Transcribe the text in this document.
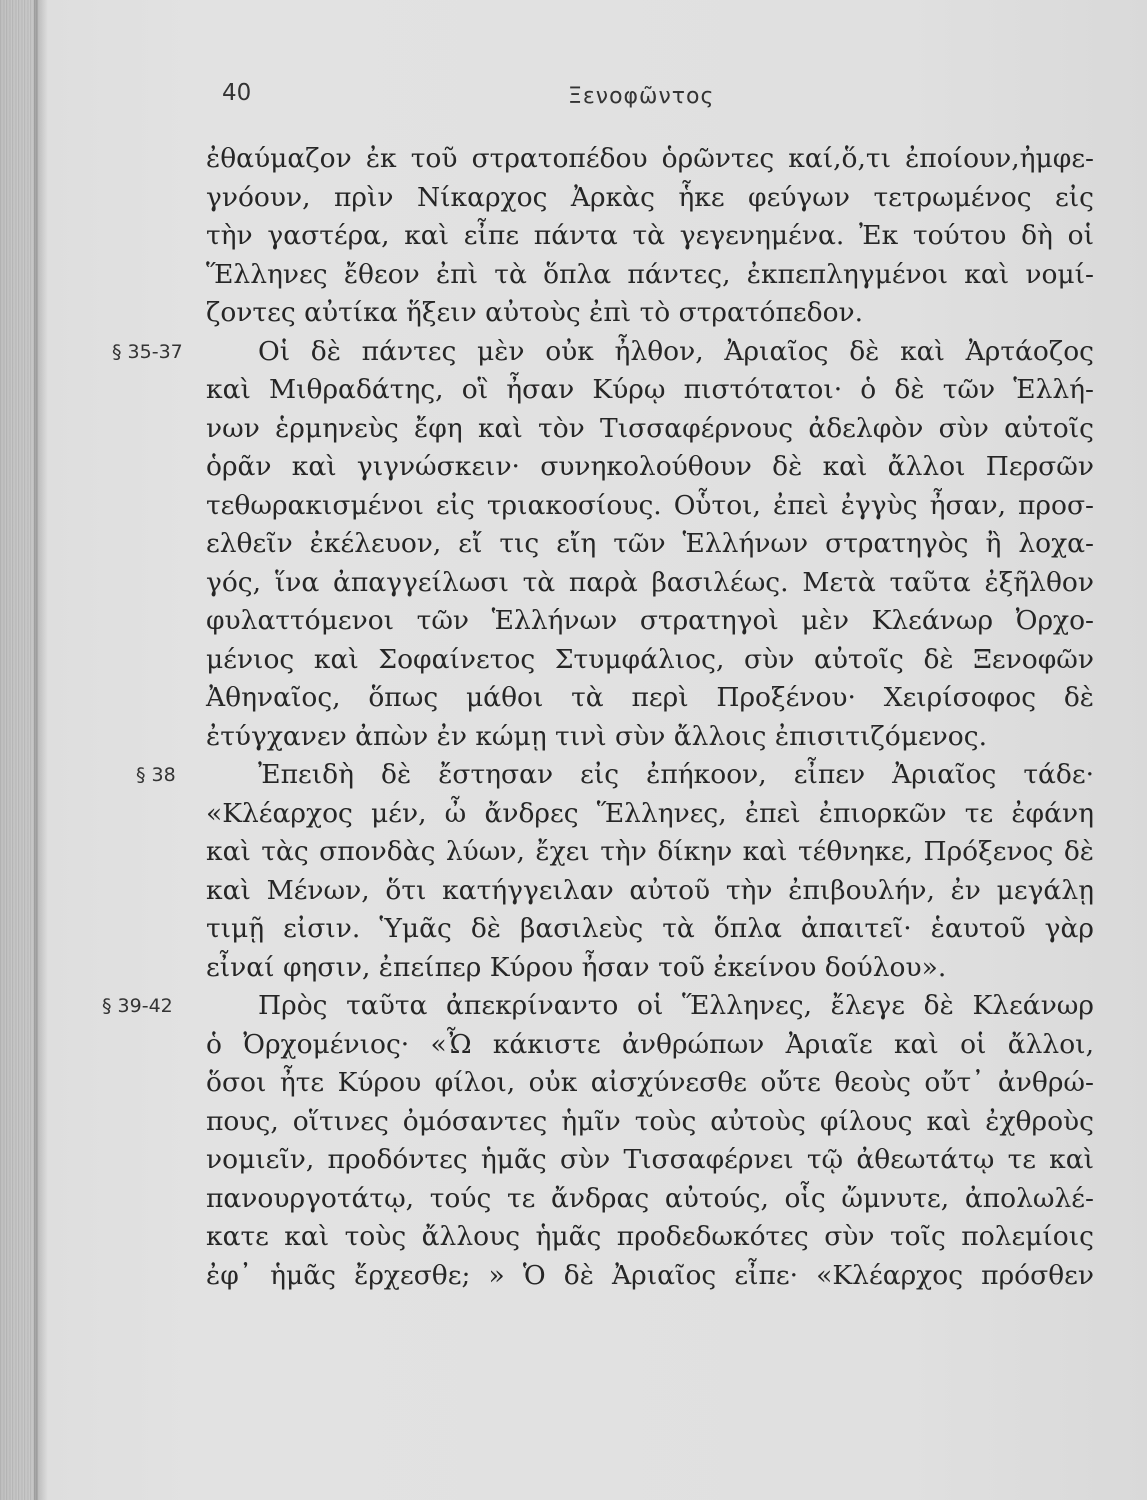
40	Ξενοφῶντος
ἐθαύμαζον ἐκ τοῦ στρατοπέδου ὁρῶντες καί,ὅ,τι ἐποίουν,ἠμφε-
γνόουν, πρὶν Νίκαρχος Ἀρκὰς ἧκε φεύγων τετρωμένος εἰς
τὴν γαστέρα, καὶ εἶπε πάντα τὰ γεγενημένα. Ἐκ τούτου δὴ οἱ
Ἕλληνες ἔθεον ἐπὶ τὰ ὅπλα πάντες, ἐκπεπληγμένοι καὶ νομί-
ζοντες αὐτίκα ἥξειν αὐτοὺς ἐπὶ τὸ στρατόπεδον.
§ 35-37	Οἱ δὲ πάντες μὲν οὐκ ἦλθον, Ἀριαῖος δὲ καὶ Ἀρτάοζος
καὶ Μιθραδάτης, οἳ ἦσαν Κύρῳ πιστότατοι· ὁ δὲ τῶν Ἑλλή-
νων ἑρμηνεὺς ἔφη καὶ τὸν Τισσαφέρνους ἀδελφὸν σὺν αὐτοῖς
ὁρᾶν καὶ γιγνώσκειν· συνηκολούθουν δὲ καὶ ἄλλοι Περσῶν
τεθωρακισμένοι εἰς τριακοσίους. Οὗτοι, ἐπεὶ ἐγγὺς ἦσαν, προσ-
ελθεῖν ἐκέλευον, εἴ τις εἴη τῶν Ἑλλήνων στρατηγὸς ἢ λοχα-
γός, ἵνα ἀπαγγείλωσι τὰ παρὰ βασιλέως. Μετὰ ταῦτα ἐξῆλθον
φυλαττόμενοι τῶν Ἑλλήνων στρατηγοὶ μὲν Κλεάνωρ Ὀρχο-
μένιος καὶ Σοφαίνετος Στυμφάλιος, σὺν αὐτοῖς δὲ Ξενοφῶν
Ἀθηναῖος, ὅπως μάθοι τὰ περὶ Προξένου· Χειρίσοφος δὲ
ἐτύγχανεν ἀπὼν ἐν κώμῃ τινὶ σὺν ἄλλοις ἐπισιτιζόμενος.
§ 38	Ἐπειδὴ δὲ ἔστησαν εἰς ἐπήκοον, εἶπεν Ἀριαῖος τάδε·
«Κλέαρχος μέν, ὦ ἄνδρες Ἕλληνες, ἐπεὶ ἐπιορκῶν τε ἐφάνη
καὶ τὰς σπονδὰς λύων, ἔχει τὴν δίκην καὶ τέθνηκε, Πρόξενος δὲ
καὶ Μένων, ὅτι κατήγγειλαν αὐτοῦ τὴν ἐπιβουλήν, ἐν μεγάλῃ
τιμῇ εἰσιν. Ὑμᾶς δὲ βασιλεὺς τὰ ὅπλα ἀπαιτεῖ· ἑαυτοῦ γὰρ
εἶναί φησιν, ἐπείπερ Κύρου ἦσαν τοῦ ἐκείνου δούλου».
§ 39-42	Πρὸς ταῦτα ἀπεκρίναντο οἱ Ἕλληνες, ἔλεγε δὲ Κλεάνωρ
ὁ Ὀρχομένιος· «Ὦ κάκιστε ἀνθρώπων Ἀριαῖε καὶ οἱ ἄλλοι,
ὅσοι ἦτε Κύρου φίλοι, οὐκ αἰσχύνεσθε οὔτε θεοὺς οὔτ᾽ ἀνθρώ-
πους, οἵτινες ὀμόσαντες ἡμῖν τοὺς αὐτοὺς φίλους καὶ ἐχθροὺς
νομιεῖν, προδόντες ἡμᾶς σὺν Τισσαφέρνει τῷ ἀθεωτάτῳ τε καὶ
πανουργοτάτῳ, τούς τε ἄνδρας αὐτούς, οἷς ὤμνυτε, ἀπολωλέ-
κατε καὶ τοὺς ἄλλους ἡμᾶς προδεδωκότες σὺν τοῖς πολεμίοις
ἐφ᾽ ἡμᾶς ἔρχεσθε; » Ὁ δὲ Ἀριαῖος εἶπε· «Κλέαρχος πρόσθεν
